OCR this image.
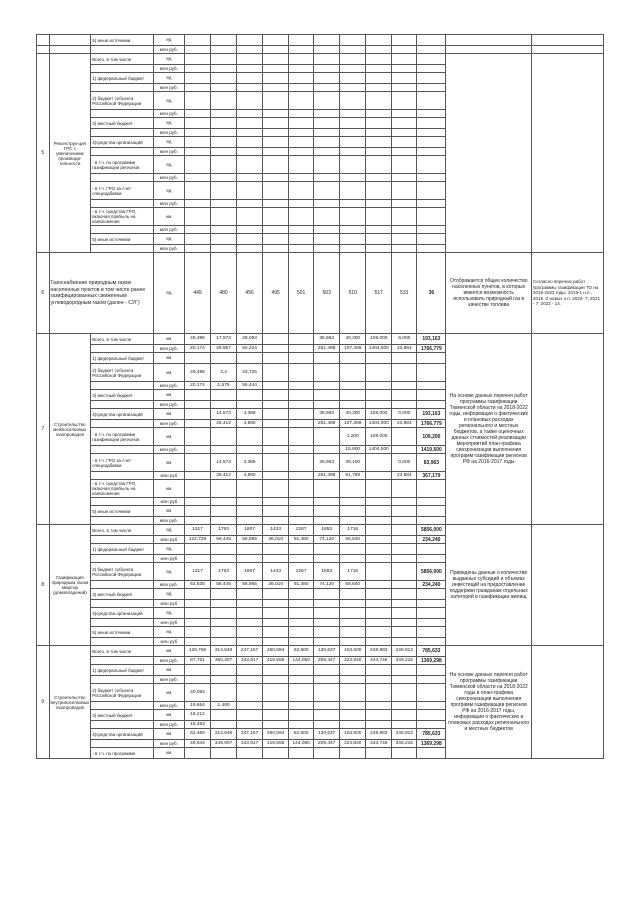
		5) иные источники	ед												
			млн руб.												
5	Реконструк-ция ГРС с увеличением производи-тельности	Всего, в том числе	ед												
			млн руб.												
		1) федеральный бюджет	ед												
			млн руб.												
		2) бюджет субъекта Российской Федерации	ед												
			млн руб.												
		3) местный бюджет	ед												
			млн руб.												
		4)средства организаций	ед												
			млн руб.												
		- в т.ч. по программе газификации регионов	ед												
			млн руб.												
		- в т.ч. ГРО за счет спецнадбавки	ед												
			млн руб.												
		- в т.ч. средства ГРО, включая прибыль на капвложения	км												
			млн руб.												
		5) иные источники	ед												
			млн руб.												
6	Газоснабжение природным газом населенных пунктов в том числе ранее газифицированных сжиженным углеводородным газом (далее - СУГ)		ед	449	480	456	495	501	503	510	517	531	36	Отображается общее количество населенных пунктов, в которых имеется возможность использовать природный газ в качестве топлива	Согласно перечню работ программы газификации ТО на 2018-2022 годы: 2018-1 н.п., 2019 -2 новых н.п. 2020- 7; 2021 - 7; 2022 - 14.
7	Строительство межпоселковых газопроводов	Всего, в том числе	км	49,496	17,973	28,093			35,963	40,300	108,000	9,000	193,163	На основе данных перечня работ программы газификации Тюменской области на 2018-2022 годы, информации о фактических и плановых расходах регионального и местных бюджетов, а также оценочных данных стоимостей реализации мероприятий план-графика синхронизации выполнения программ газификации регионов РФ на 2016-2017 годы	
			млн руб.	20,174	29,957	60,324			251,498	107,369	1404,000	23,884	1766,779		
		1) федеральный бюджет	км												
		2) бюджет субъекта Российской Федерации	км	49,496	3,4	23,725									
			млн руб.	20,174	1,575	55,444									
		3) местный бюджет	км												
			млн руб.												
		4)средства организаций	км		14,573	4,368			35,963	40,300	108,000	0,000	193,163		
			млн руб.		28,412	4,880			251,498	107,369	1404,000	23,884	1766,779		
		- в т.ч. по программе газификации регионов	км							1,200	108,000		109,200		
			млн руб.							15,600	1404,000		1419,600		
		- в т.ч. ГРО за счет спецнадбавки	км		14,573	4,368			35,963	39,100		0,000	83,963		
			млн руб		28,412	4,880			251,498	91,799		23,884	367,179		
		- в т.ч. средства ГРО, включая прибыль на капвложения	км												
			млн руб												
		5) иные источники	км												
			млн руб.												
8	Газификация природным газом квартир (домовладений)	Всего, в том числе	ед	1317	1793	1807	1433	2267	1853	1716			5856,000	Приведены данные о количестве выданных субсидий и объемах инвестиций на предоставление поддержки гражданам отдельных категорий в газификации жилищ	
			млн руб	122,729	58,445	56,965	36,010	91,480	74,120	68,640			234,240		
		1) федеральный бюджет	ед												
			млн руб												
		2) бюджет субъекта Российской Федерации	ед	1317	1793	1807	1433	2267	1853	1716			5856,000		
			млн руб.	62,635	58,445	56,965	36,010	91,480	74,120	68,640			234,240		
		3) местный бюджет	ед												
			млн руб												
		4)средства организаций	ед												
			млн руб												
		5) иные источники	ед												
			млн руб												
9	Строительство внутрипоселковых газопроводов	Всего, в том числе	км	120,766	314,648	247,157	260,594	52,500	130,637	104,500	248,893	248,913	785,633	На основе данных перечня работ программы газификации Тюменской области на 2018-2022 годы и план-графика синхронизации выполнения программ газификации регионов РФ на 2016-2017 годы, информации о фактических и плановых расходах регионального и местных бюджетов	
			млн руб.	87,761	350,407	343,917	419,558	144,050	209,447	224,840	444,746	349,215	1369,298		
		1) федеральный бюджет	км												
			млн руб.												
		2) бюджет субъекта Российской Федерации	км	40,094											
			млн руб.	19,654	1,400										
		3) местный бюджет	км	18,212											
			млн руб.	18,483											
		4)средства организаций	км	62,460	314,648	247,157	260,594	52,500	130,637	104,500	248,883	248,913	785,633		
			млн руб.	49,644	349,007	343,917	419,558	144,050	209,447	224,840	444,746	348,215	1369,298		
		- в т.ч. по программе	км												
